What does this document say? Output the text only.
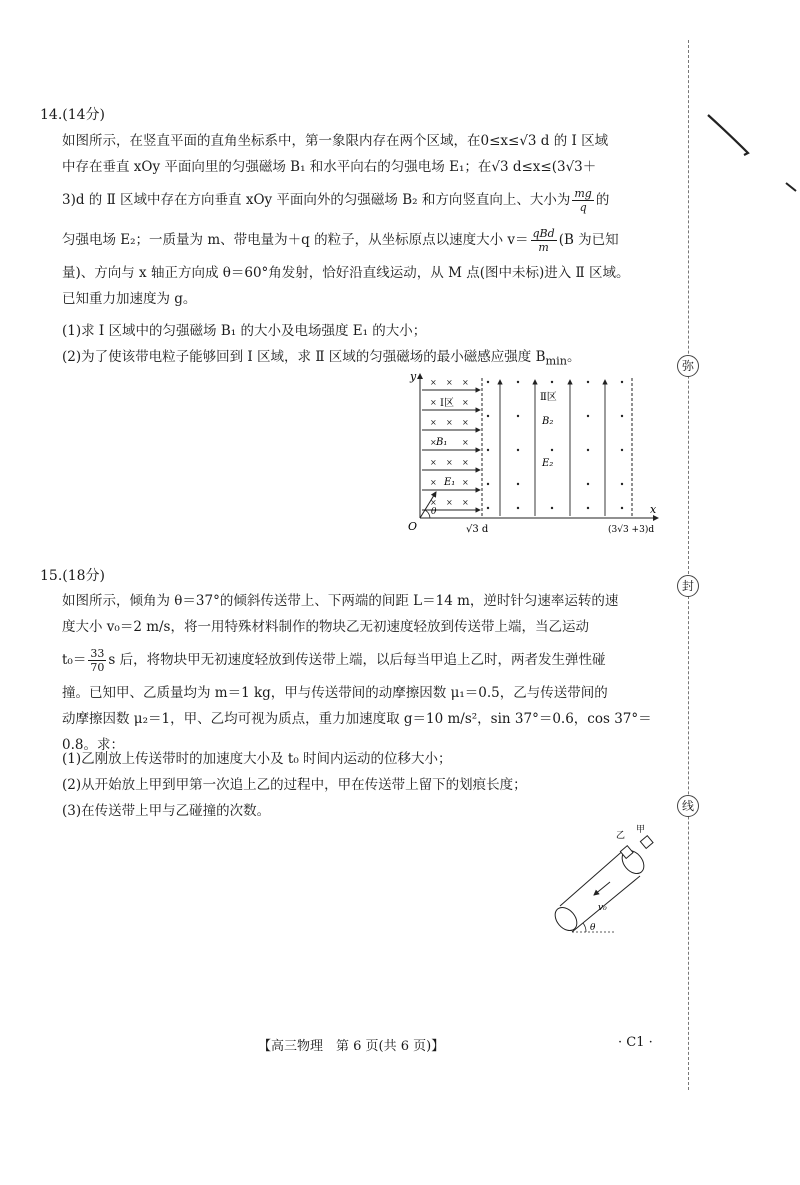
弥
封
线
14.(14分)
如图所示，在竖直平面的直角坐标系中，第一象限内存在两个区域，在0≤x≤√3 d 的 Ⅰ 区域
中存在垂直 xOy 平面向里的匀强磁场 B₁ 和水平向右的匀强电场 E₁；在√3 d≤x≤(3√3＋
3)d 的 Ⅱ 区域中存在方向垂直 xOy 平面向外的匀强磁场 B₂ 和方向竖直向上、大小为 $\frac{mg}{q}$ 的
匀强电场 E₂；一质量为 m、带电量为＋q 的粒子，从坐标原点以速度大小 $v= \frac{\text{qBd}}{m} (B$ 为已知
量)、方向与 x 轴正方向成 θ＝60°角发射，恰好沿直线运动，从 M 点(图中未标)进入 Ⅱ 区域。
已知重力加速度为 g。
(1)求 Ⅰ 区域中的匀强磁场 B₁ 的大小及电场强度 E₁ 的大小；
(2)为了使该带电粒子能够回到 Ⅰ 区域，求 Ⅱ 区域的匀强磁场的最小磁感应强度 $B_{min}$。
y
x
O	√3 d	(3√3 +3)d
× × ×
×	×
× × ×
×	×
× × ×
×	×
× × ×
Ⅰ区
B₁
E₁
θ
Ⅱ区
B₂
E₂
15.(18分)
如图所示，倾角为 θ＝37°的倾斜传送带上、下两端的间距 L＝14 m，逆时针匀速率运转的速
度大小 v₀＝2 m/s，将一用特殊材料制作的物块乙无初速度轻放到传送带上端，当乙运动
$t_0= \frac{33}{70}$ s 后，将物块甲无初速度轻放到传送带上端，以后每当甲追上乙时，两者发生弹性碰
撞。已知甲、乙质量均为 m＝1 kg，甲与传送带间的动摩擦因数 μ₁＝0.5，乙与传送带间的
动摩擦因数 μ₂＝1，甲、乙均可视为质点，重力加速度取 g＝10 m/s²，sin 37°＝0.6，cos 37°＝
0.8。求：
(1)乙刚放上传送带时的加速度大小及 t₀ 时间内运动的位移大小；
(2)从开始放上甲到甲第一次追上乙的过程中，甲在传送带上留下的划痕长度；
(3)在传送带上甲与乙碰撞的次数。
乙
甲
v₀
θ
【高三物理　第 6 页(共 6 页)】	· C1 ·
